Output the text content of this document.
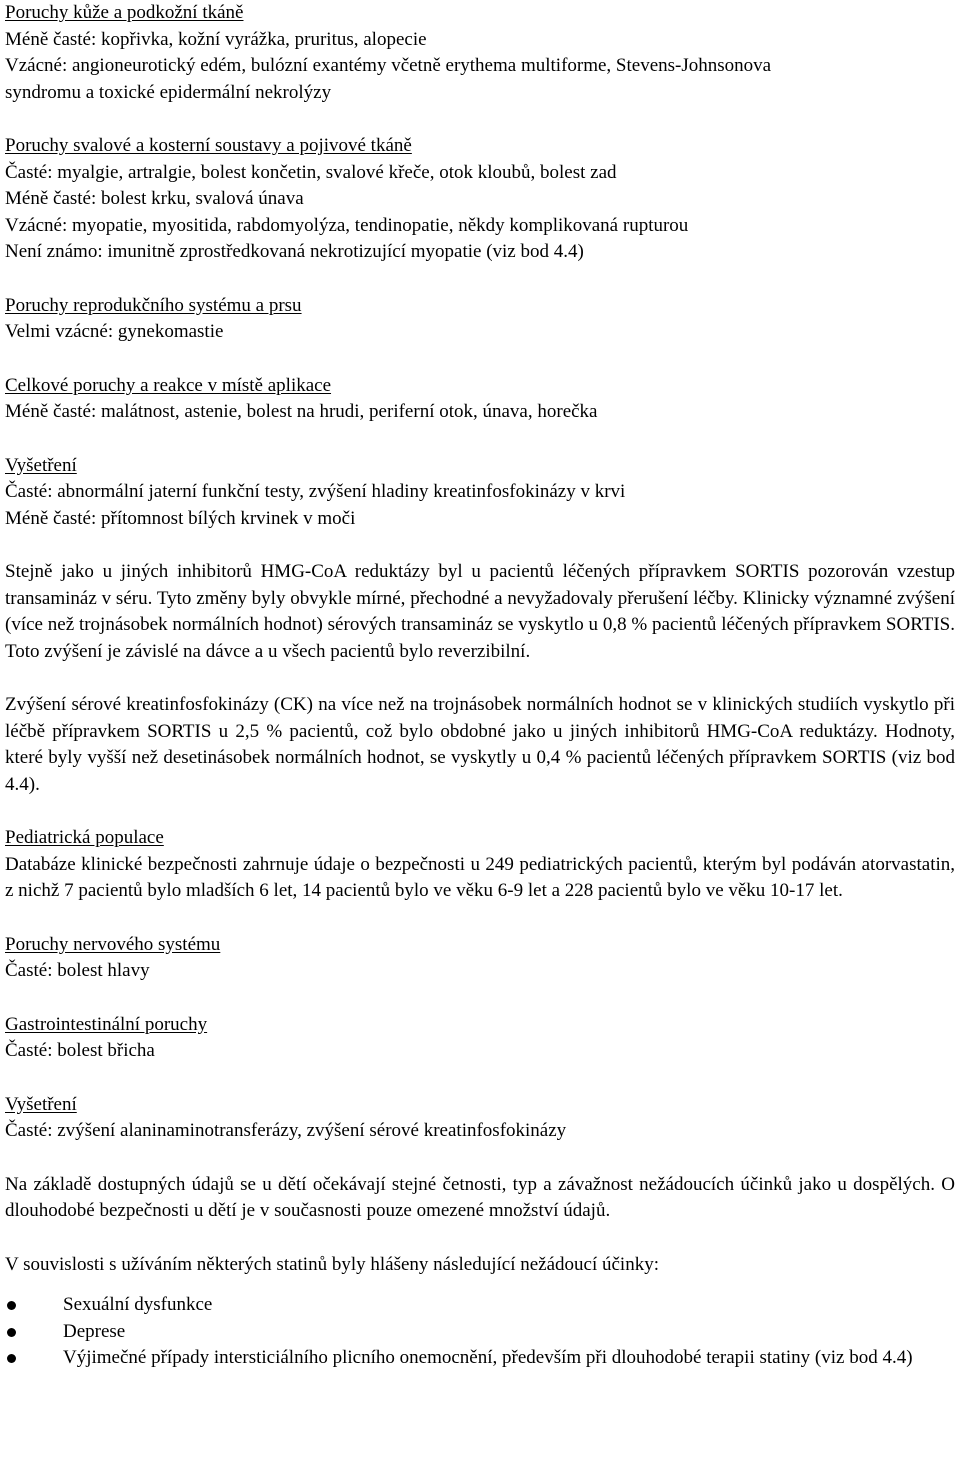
Poruchy kůže a podkožní tkáně
Méně časté: kopřivka, kožní vyrážka, pruritus, alopecie
Vzácné: angioneurotický edém, bulózní exantémy včetně erythema multiforme, Stevens-Johnsonova
syndromu a toxické epidermální nekrolýzy
Poruchy svalové a kosterní soustavy a pojivové tkáně
Časté: myalgie, artralgie, bolest končetin, svalové křeče, otok kloubů, bolest zad
Méně časté: bolest krku, svalová únava
Vzácné: myopatie, myositida, rabdomyolýza, tendinopatie, někdy komplikovaná rupturou
Není známo: imunitně zprostředkovaná nekrotizující myopatie (viz bod 4.4)
Poruchy reprodukčního systému a prsu
Velmi vzácné: gynekomastie
Celkové poruchy a reakce v místě aplikace
Méně časté: malátnost, astenie, bolest na hrudi, periferní otok, únava, horečka
Vyšetření
Časté: abnormální jaterní funkční testy, zvýšení hladiny kreatinfosfokinázy v krvi
Méně časté: přítomnost bílých krvinek v moči
Stejně jako u jiných inhibitorů HMG-CoA reduktázy byl u pacientů léčených přípravkem SORTIS pozorován vzestup transamináz v séru. Tyto změny byly obvykle mírné, přechodné a nevyžadovaly přerušení léčby. Klinicky významné zvýšení (více než trojnásobek normálních hodnot) sérových transamináz se vyskytlo u 0,8 % pacientů léčených přípravkem SORTIS. Toto zvýšení je závislé na dávce a u všech pacientů bylo reverzibilní.
Zvýšení sérové kreatinfosfokinázy (CK) na více než na trojnásobek normálních hodnot se v klinických studiích vyskytlo při léčbě přípravkem SORTIS u 2,5 % pacientů, což bylo obdobné jako u jiných inhibitorů HMG-CoA reduktázy. Hodnoty, které byly vyšší než desetinásobek normálních hodnot, se vyskytly u 0,4 % pacientů léčených přípravkem SORTIS (viz bod 4.4).
Pediatrická populace
Databáze klinické bezpečnosti zahrnuje údaje o bezpečnosti u 249 pediatrických pacientů, kterým byl podáván atorvastatin, z nichž 7 pacientů bylo mladších 6 let, 14 pacientů bylo ve věku 6-9 let a 228 pacientů bylo ve věku 10-17 let.
Poruchy nervového systému
Časté: bolest hlavy
Gastrointestinální poruchy
Časté: bolest břicha
Vyšetření
Časté: zvýšení alaninaminotransferázy, zvýšení sérové kreatinfosfokinázy
Na základě dostupných údajů se u dětí očekávají stejné četnosti, typ a závažnost nežádoucích účinků jako u dospělých. O dlouhodobé bezpečnosti u dětí je v současnosti pouze omezené množství údajů.
V souvislosti s užíváním některých statinů byly hlášeny následující nežádoucí účinky:
Sexuální dysfunkce
Deprese
Výjimečné případy intersticiálního plicního onemocnění, především při dlouhodobé terapii statiny (viz bod 4.4)
